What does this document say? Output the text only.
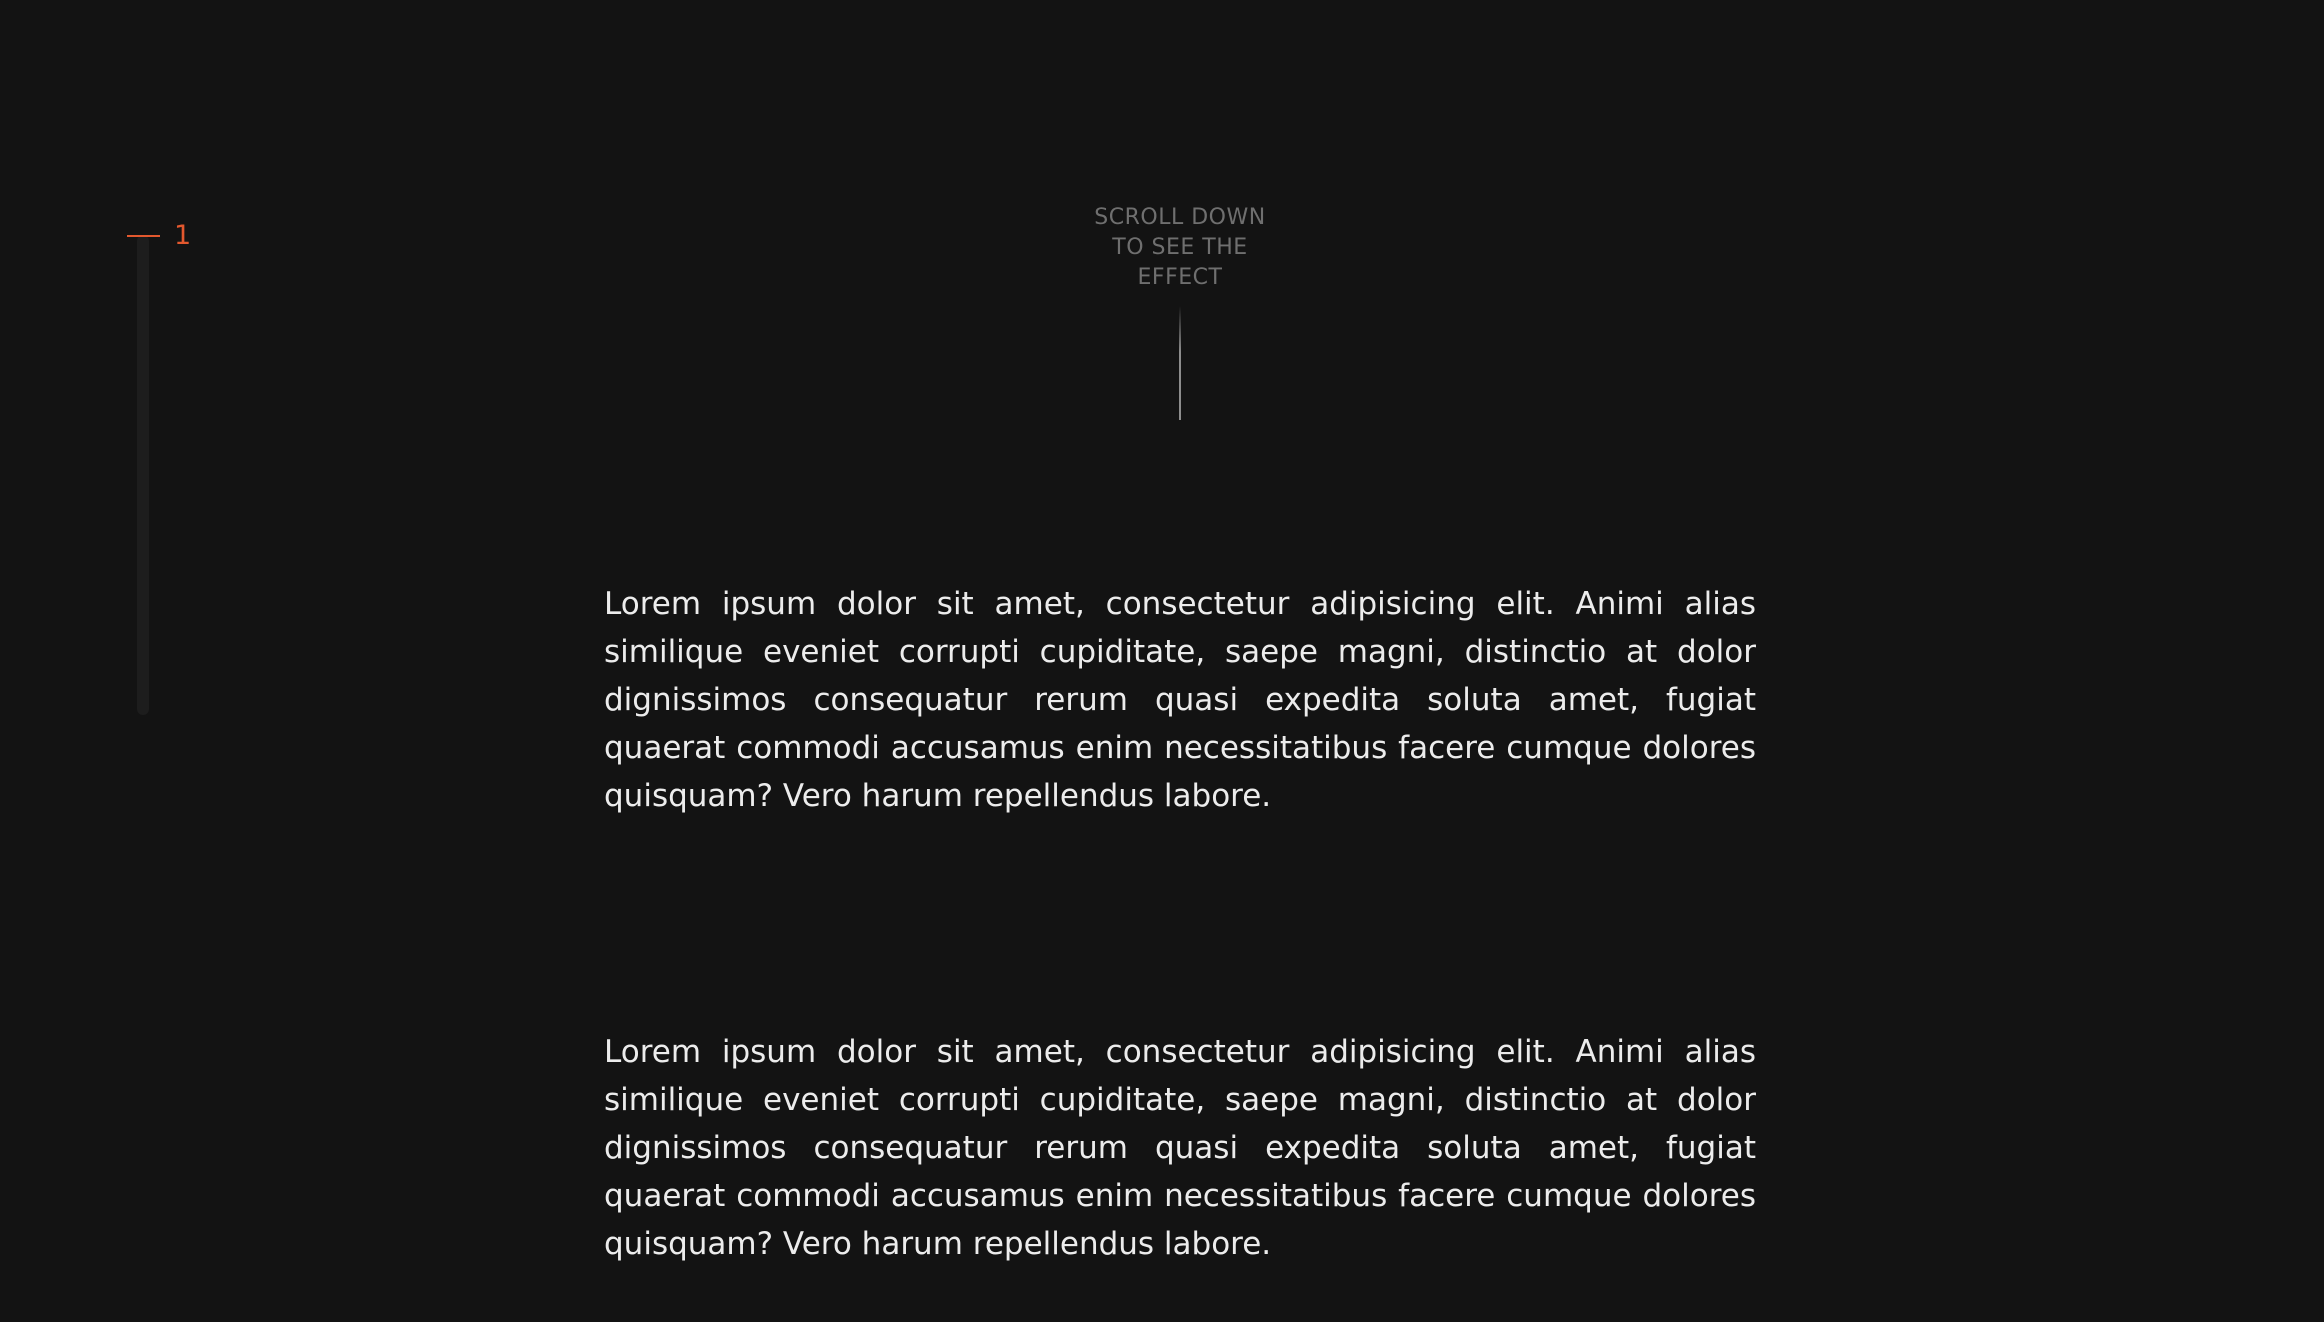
1
SCROLL DOWN
TO SEE THE
EFFECT

Lorem ipsum dolor sit amet, consectetur adipisicing elit. Animi alias similique eveniet corrupti cupiditate, saepe magni, distinctio at dolor dignissimos consequatur rerum quasi expedita soluta amet, fugiat quaerat commodi accusamus enim necessitatibus facere cumque dolores quisquam? Vero harum repellendus labore.

Lorem ipsum dolor sit amet, consectetur adipisicing elit. Animi alias similique eveniet corrupti cupiditate, saepe magni, distinctio at dolor dignissimos consequatur rerum quasi expedita soluta amet, fugiat quaerat commodi accusamus enim necessitatibus facere cumque dolores quisquam? Vero harum repellendus labore.
